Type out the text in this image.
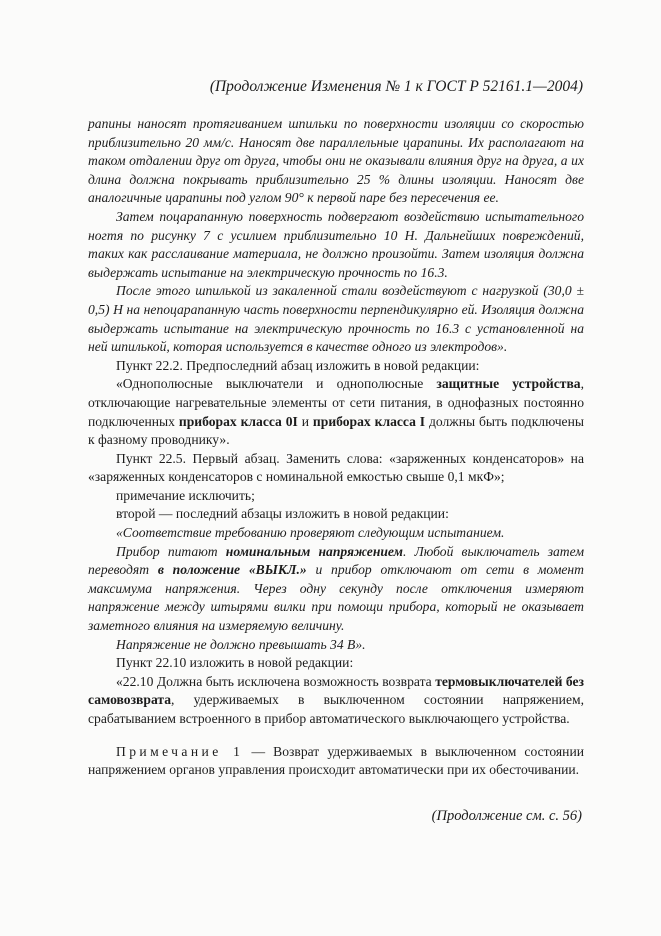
(Продолжение Изменения № 1 к ГОСТ Р 52161.1—2004)

рапины наносят протягиванием шпильки по поверхности изоляции со скоростью приблизительно 20 мм/с. Наносят две параллельные царапины. Их располагают на таком отдалении друг от друга, чтобы они не оказывали влияния друг на друга, а их длина должна покрывать приблизительно 25 % длины изоляции. Наносят две аналогичные царапины под углом 90° к первой паре без пересечения ее.

Затем поцарапанную поверхность подвергают воздействию испытательного ногтя по рисунку 7 с усилием приблизительно 10 Н. Дальнейших повреждений, таких как расслаивание материала, не должно произойти. Затем изоляция должна выдержать испытание на электрическую прочность по 16.3.

После этого шпилькой из закаленной стали воздействуют с нагрузкой (30,0 ± 0,5) Н на непоцарапанную часть поверхности перпендикулярно ей. Изоляция должна выдержать испытание на электрическую прочность по 16.3 с установленной на ней шпилькой, которая используется в качестве одного из электродов».

Пункт 22.2. Предпоследний абзац изложить в новой редакции:

«Однополюсные выключатели и однополюсные защитные устройства, отключающие нагревательные элементы от сети питания, в однофазных постоянно подключенных приборах класса 0I и приборах класса I должны быть подключены к фазному проводнику».

Пункт 22.5. Первый абзац. Заменить слова: «заряженных конденсаторов» на «заряженных конденсаторов с номинальной емкостью свыше 0,1 мкФ»;

примечание исключить;

второй — последний абзацы изложить в новой редакции:

«Соответствие требованию проверяют следующим испытанием.

Прибор питают номинальным напряжением. Любой выключатель затем переводят в положение «ВЫКЛ.» и прибор отключают от сети в момент максимума напряжения. Через одну секунду после отключения измеряют напряжение между штырями вилки при помощи прибора, который не оказывает заметного влияния на измеряемую величину.

Напряжение не должно превышать 34 В».

Пункт 22.10 изложить в новой редакции:

«22.10 Должна быть исключена возможность возврата термовыключателей без самовозврата, удерживаемых в выключенном состоянии напряжением, срабатыванием встроенного в прибор автоматического выключающего устройства.

Примечание 1 — Возврат удерживаемых в выключенном состоянии напряжением органов управления происходит автоматически при их обесточивании.

(Продолжение см. с. 56)
